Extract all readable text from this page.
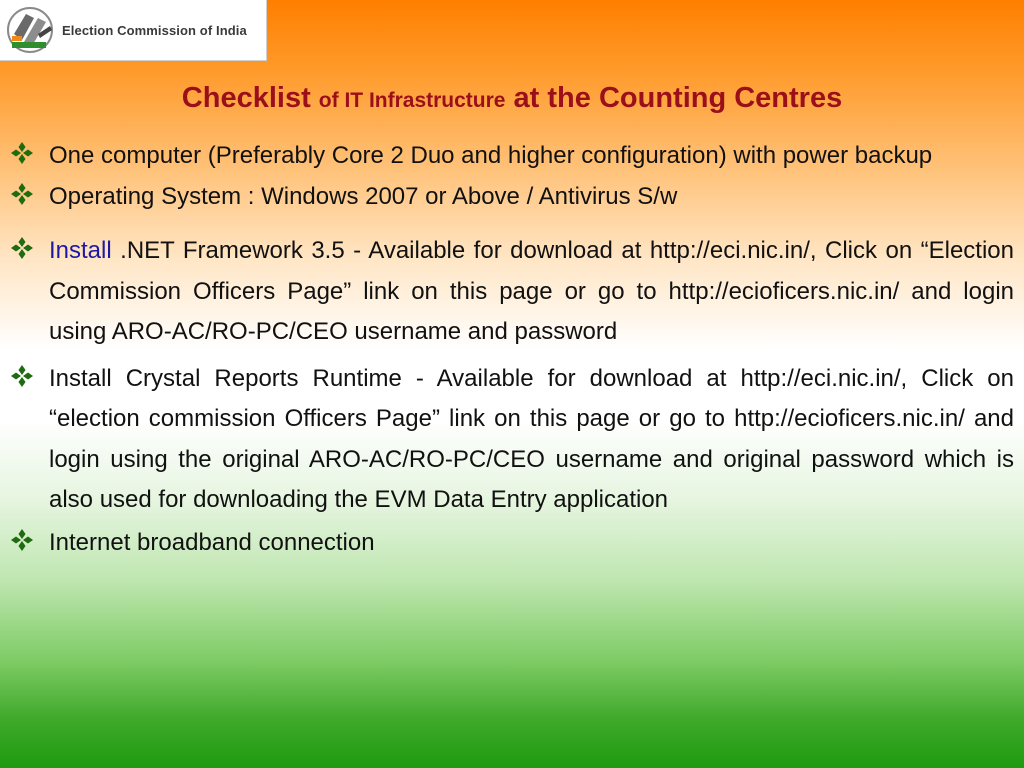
Election Commission of India
Checklist of IT Infrastructure at the Counting Centres
One computer (Preferably Core 2 Duo and higher configuration) with power backup
Operating System : Windows 2007 or Above / Antivirus S/w
Install .NET Framework 3.5 - Available for download at http://eci.nic.in/, Click on “Election Commission Officers Page” link on this page or go to http://ecioficers.nic.in/ and login using ARO-AC/RO-PC/CEO username and password
Install Crystal Reports Runtime - Available for download at http://eci.nic.in/, Click on “election commission Officers Page” link on this page or go to http://ecioficers.nic.in/ and login using the original ARO-AC/RO-PC/CEO username and original password which is also used for downloading the EVM Data Entry application
Internet broadband connection
